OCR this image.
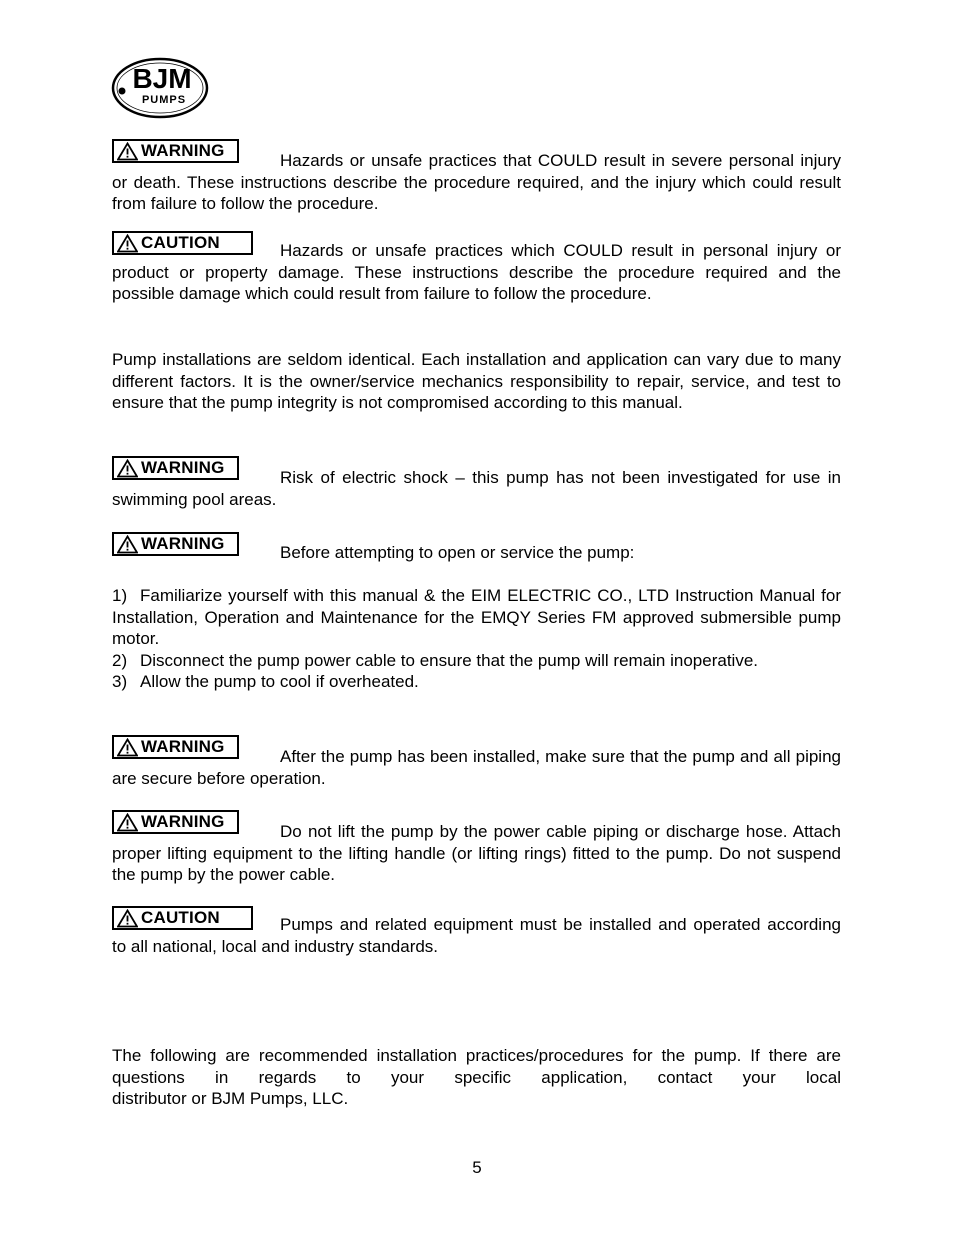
BJM
PUMPS
WARNING

Hazards or unsafe practices that COULD result in severe personal injury or death. These instructions describe the procedure required, and the injury which could result from failure to follow the procedure.

CAUTION	Hazards or unsafe practices which COULD result in personal injury or product or property damage. These instructions describe the procedure required and the possible damage which could result from failure to follow the procedure.

Pump installations are seldom identical. Each installation and application can vary due to many different factors. It is the owner/service mechanics responsibility to repair, service, and test to ensure that the pump integrity is not compromised according to this manual.

WARNING

Risk of electric shock – this pump has not been investigated for use in swimming pool areas.

WARNING	Before attempting to open or service the pump:

1) Familiarize yourself with this manual & the EIM ELECTRIC CO., LTD Instruction Manual for Installation, Operation and Maintenance for the EMQY Series FM approved submersible pump motor.

2) Disconnect the pump power cable to ensure that the pump will remain inoperative.

3) Allow the pump to cool if overheated.

WARNING

After the pump has been installed, make sure that the pump and all piping are secure before operation.

WARNING

Do not lift the pump by the power cable piping or discharge hose. Attach proper lifting equipment to the lifting handle (or lifting rings) fitted to the pump. Do not suspend the pump by the power cable.

CAUTION	Pumps and related equipment must be installed and operated according to all national, local and industry standards.

The following are recommended installation practices/procedures for the pump. If there are questions in regards to your specific application, contact your local

distributor or BJM Pumps, LLC.

5
